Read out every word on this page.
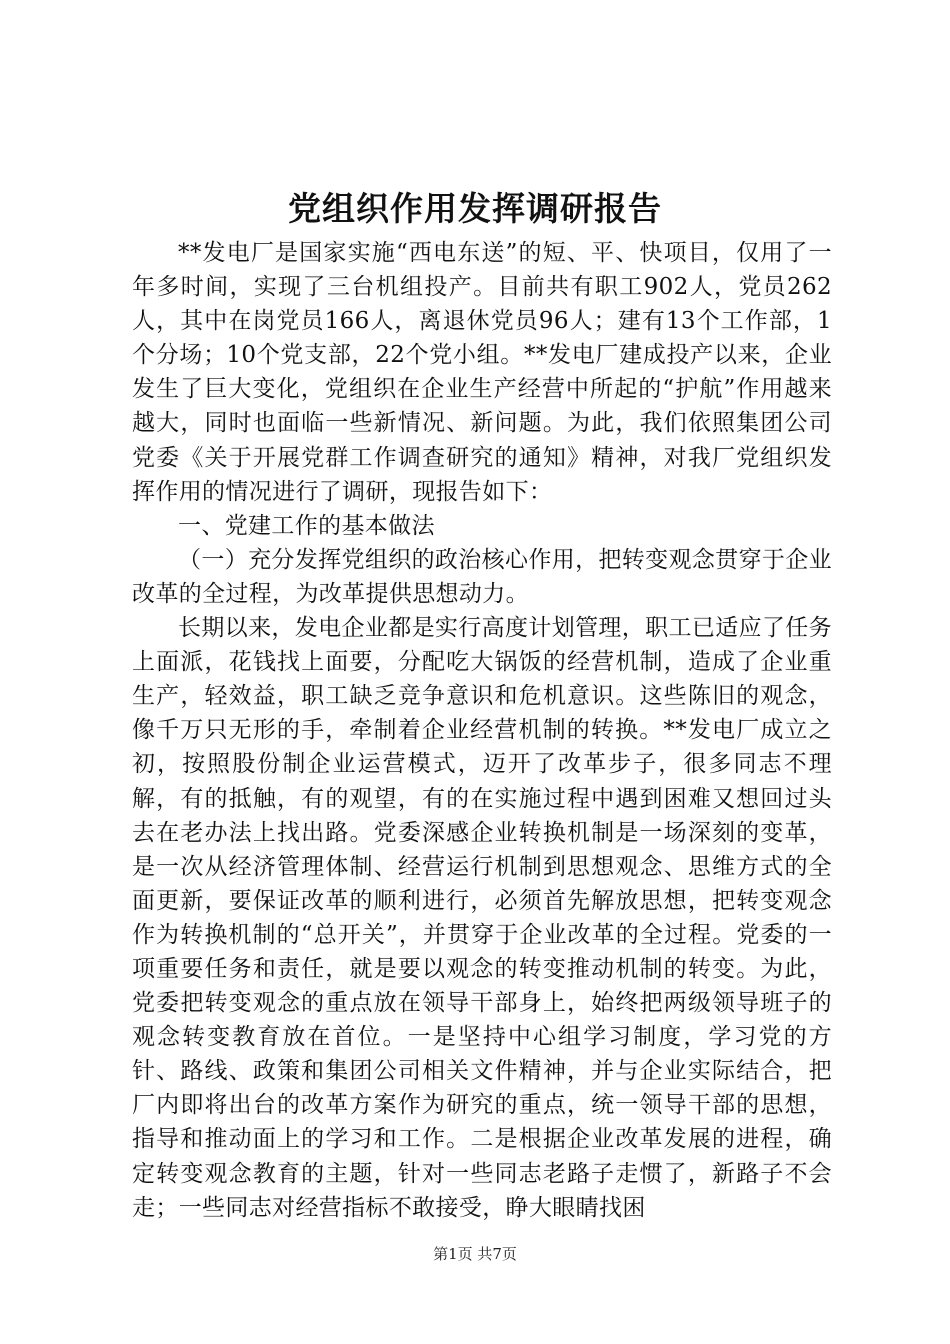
党组织作用发挥调研报告

**发电厂是国家实施“西电东送”的短、平、快项目，仅用了一年多时间，实现了三台机组投产。目前共有职工902人，党员262人，其中在岗党员166人，离退休党员96人；建有13个工作部，1个分场；10个党支部，22个党小组。**发电厂建成投产以来，企业发生了巨大变化，党组织在企业生产经营中所起的“护航”作用越来越大，同时也面临一些新情况、新问题。为此，我们依照集团公司党委《关于开展党群工作调查研究的通知》精神，对我厂党组织发挥作用的情况进行了调研，现报告如下：

一、党建工作的基本做法

（一）充分发挥党组织的政治核心作用，把转变观念贯穿于企业改革的全过程，为改革提供思想动力。

长期以来，发电企业都是实行高度计划管理，职工已适应了任务上面派，花钱找上面要，分配吃大锅饭的经营机制，造成了企业重生产，轻效益，职工缺乏竞争意识和危机意识。这些陈旧的观念，像千万只无形的手，牵制着企业经营机制的转换。**发电厂成立之初，按照股份制企业运营模式，迈开了改革步子，很多同志不理解，有的抵触，有的观望，有的在实施过程中遇到困难又想回过头去在老办法上找出路。党委深感企业转换机制是一场深刻的变革，是一次从经济管理体制、经营运行机制到思想观念、思维方式的全面更新，要保证改革的顺利进行，必须首先解放思想，把转变观念作为转换机制的“总开关”，并贯穿于企业改革的全过程。党委的一项重要任务和责任，就是要以观念的转变推动机制的转变。为此，党委把转变观念的重点放在领导干部身上，始终把两级领导班子的观念转变教育放在首位。一是坚持中心组学习制度，学习党的方针、路线、政策和集团公司相关文件精神，并与企业实际结合，把厂内即将出台的改革方案作为研究的重点，统一领导干部的思想，指导和推动面上的学习和工作。二是根据企业改革发展的进程，确定转变观念教育的主题，针对一些同志老路子走惯了，新路子不会走；一些同志对经营指标不敢接受，睁大眼睛找困

第1页 共7页
